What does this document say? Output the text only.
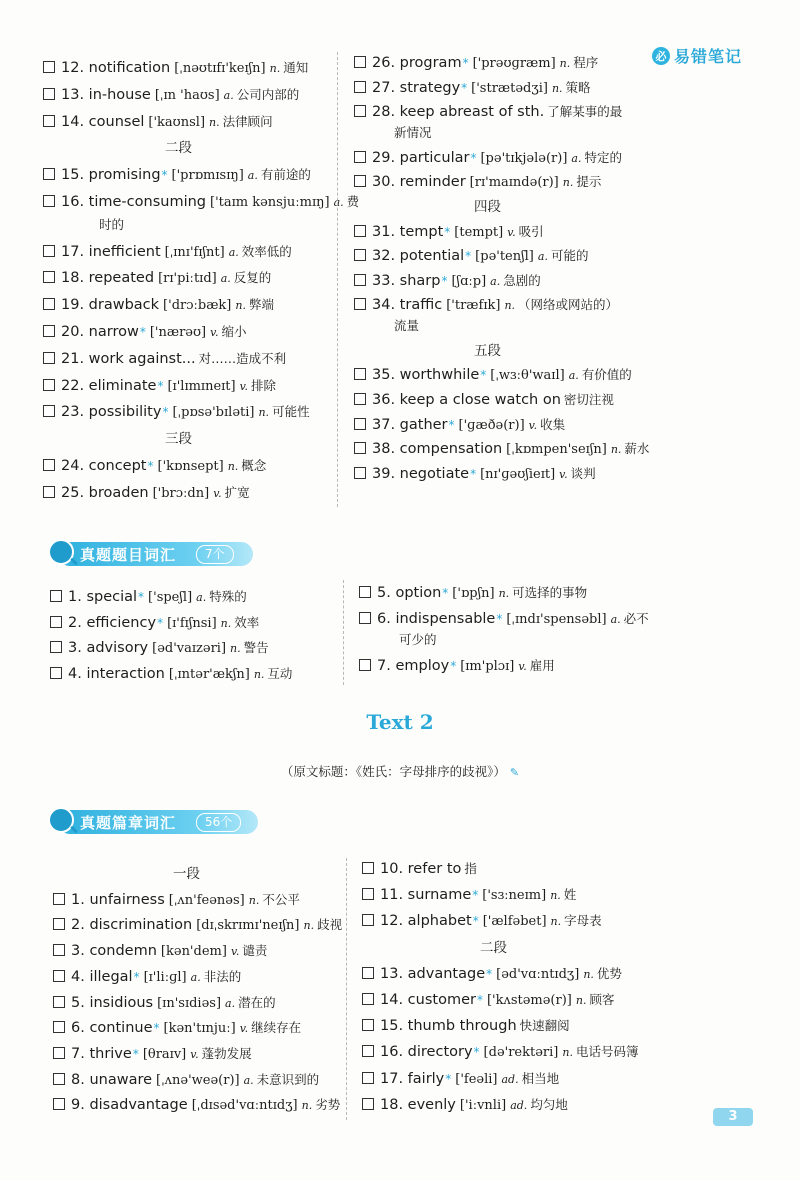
必 易错笔记
12. notification [ˌnəʊtɪfɪ'keɪʃn] n. 通知
13. in-house [ˌɪn 'haʊs] a. 公司内部的
14. counsel ['kaʊnsl] n. 法律顾问
二段
15. promising* ['prɒmɪsɪŋ] a. 有前途的
16. time-consuming ['taɪm kənsjuːmɪŋ] a. 费
时的
17. inefficient [ˌɪnɪ'fɪʃnt] a. 效率低的
18. repeated [rɪ'piːtɪd] a. 反复的
19. drawback ['drɔːbæk] n. 弊端
20. narrow* ['nærəʊ] v. 缩小
21. work against... 对……造成不利
22. eliminate* [ɪ'lɪmɪneɪt] v. 排除
23. possibility* [ˌpɒsə'bɪləti] n. 可能性
三段
24. concept* ['kɒnsept] n. 概念
25. broaden ['brɔːdn] v. 扩宽
26. program* ['prəʊɡræm] n. 程序
27. strategy* ['strætədʒi] n. 策略
28. keep abreast of sth. 了解某事的最
新情况
29. particular* [pə'tɪkjələ(r)] a. 特定的
30. reminder [rɪ'maɪndə(r)] n. 提示
四段
31. tempt* [tempt] v. 吸引
32. potential* [pə'tenʃl] a. 可能的
33. sharp* [ʃɑːp] a. 急剧的
34. traffic ['træfɪk] n. （网络或网站的）
流量
五段
35. worthwhile* [ˌwɜːθ'waɪl] a. 有价值的
36. keep a close watch on 密切注视
37. gather* ['ɡæðə(r)] v. 收集
38. compensation [ˌkɒmpen'seɪʃn] n. 薪水
39. negotiate* [nɪ'ɡəʊʃieɪt] v. 谈判
真题题目词汇	7个
1. special* ['speʃl] a. 特殊的
2. efficiency* [ɪ'fɪʃnsi] n. 效率
3. advisory [əd'vaɪzəri] n. 警告
4. interaction [ˌɪntər'ækʃn] n. 互动
5. option* ['ɒpʃn] n. 可选择的事物
6. indispensable* [ˌɪndɪ'spensəbl] a. 必不
可少的
7. employ* [ɪm'plɔɪ] v. 雇用
Text 2
（原文标题：《姓氏：字母排序的歧视》） ✎
真题篇章词汇	56个
一段
1. unfairness [ˌʌn'feənəs] n. 不公平
2. discrimination [dɪˌskrɪmɪ'neɪʃn] n. 歧视
3. condemn [kən'dem] v. 谴责
4. illegal* [ɪ'liːɡl] a. 非法的
5. insidious [ɪn'sɪdiəs] a. 潜在的
6. continue* [kən'tɪnjuː] v. 继续存在
7. thrive* [θraɪv] v. 蓬勃发展
8. unaware [ˌʌnə'weə(r)] a. 未意识到的
9. disadvantage [ˌdɪsəd'vɑːntɪdʒ] n. 劣势
10. refer to 指
11. surname* ['sɜːneɪm] n. 姓
12. alphabet* ['ælfəbet] n. 字母表
二段
13. advantage* [əd'vɑːntɪdʒ] n. 优势
14. customer* ['kʌstəmə(r)] n. 顾客
15. thumb through 快速翻阅
16. directory* [də'rektəri] n. 电话号码簿
17. fairly* ['feəli] ad. 相当地
18. evenly ['iːvnli] ad. 均匀地
3
